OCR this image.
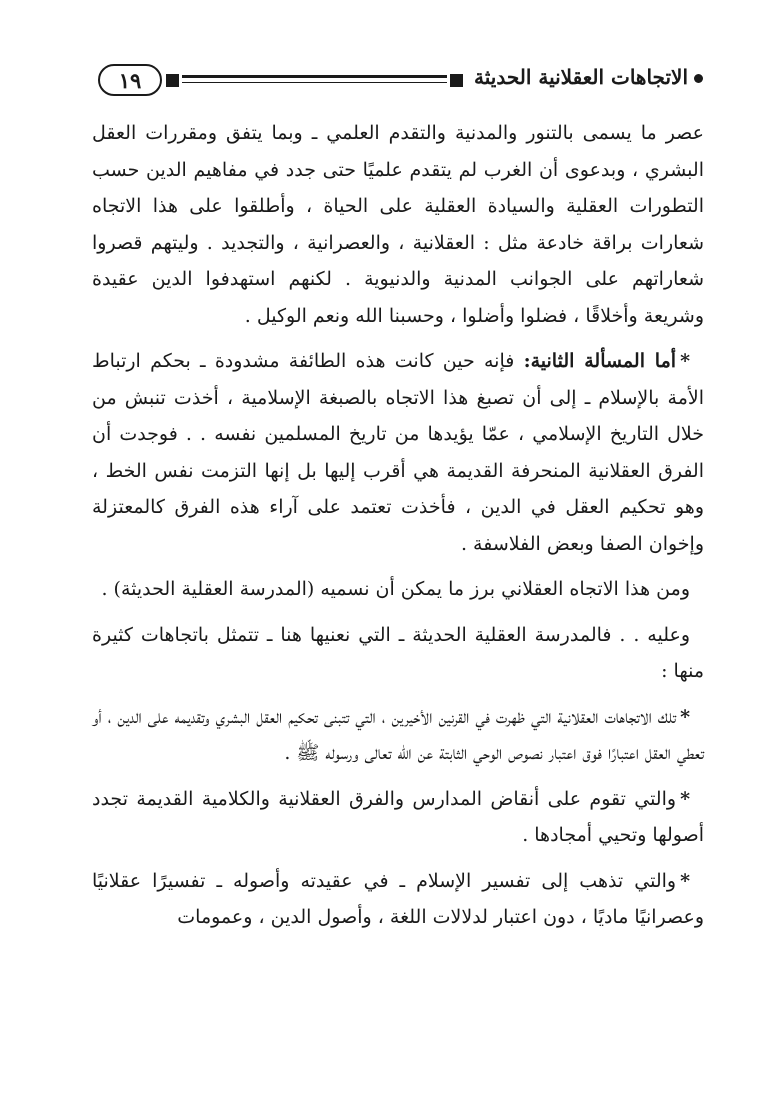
١٩	الاتجاهات العقلانية الحديثة

عصر ما يسمى بالتنور والمدنية والتقدم العلمي ـ وبما يتفق ومقررات العقل البشري ، وبدعوى أن الغرب لم يتقدم علميًا حتى جدد في مفاهيم الدين حسب التطورات العقلية والسيادة العقلية على الحياة ، وأطلقوا على هذا الاتجاه شعارات براقة خادعة مثل : العقلانية ، والعصرانية ، والتجديد . وليتهم قصروا شعاراتهم على الجوانب المدنية والدنيوية . لكنهم استهدفوا الدين عقيدة وشريعة وأخلاقًا ، فضلوا وأضلوا ، وحسبنا الله ونعم الوكيل .

*أما المسألة الثانية: فإنه حين كانت هذه الطائفة مشدودة ـ بحكم ارتباط الأمة بالإسلام ـ إلى أن تصبغ هذا الاتجاه بالصبغة الإسلامية ، أخذت تنبش من خلال التاريخ الإسلامي ، عمّا يؤيدها من تاريخ المسلمين نفسه . . فوجدت أن الفرق العقلانية المنحرفة القديمة هي أقرب إليها بل إنها التزمت نفس الخط ، وهو تحكيم العقل في الدين ، فأخذت تعتمد على آراء هذه الفرق كالمعتزلة وإخوان الصفا وبعض الفلاسفة .

ومن هذا الاتجاه العقلاني برز ما يمكن أن نسميه (المدرسة العقلية الحديثة) .

وعليه . . فالمدرسة العقلية الحديثة ـ التي نعنيها هنا ـ تتمثل باتجاهات كثيرة منها :

*تلك الاتجاهات العقلانية التي ظهرت في القرنين الأخيرين ، التي تتبنى تحكيم العقل البشري وتقديمه على الدين ، أو تعطي العقل اعتبارًا فوق اعتبار نصوص الوحي الثابتة عن الله تعالى ورسوله ﷺ .

*والتي تقوم على أنقاض المدارس والفرق العقلانية والكلامية القديمة تجدد أصولها وتحيي أمجادها .

*والتي تذهب إلى تفسير الإسلام ـ في عقيدته وأصوله ـ تفسيرًا عقلانيًا وعصرانيًا ماديًا ، دون اعتبار لدلالات اللغة ، وأصول الدين ، وعمومات
